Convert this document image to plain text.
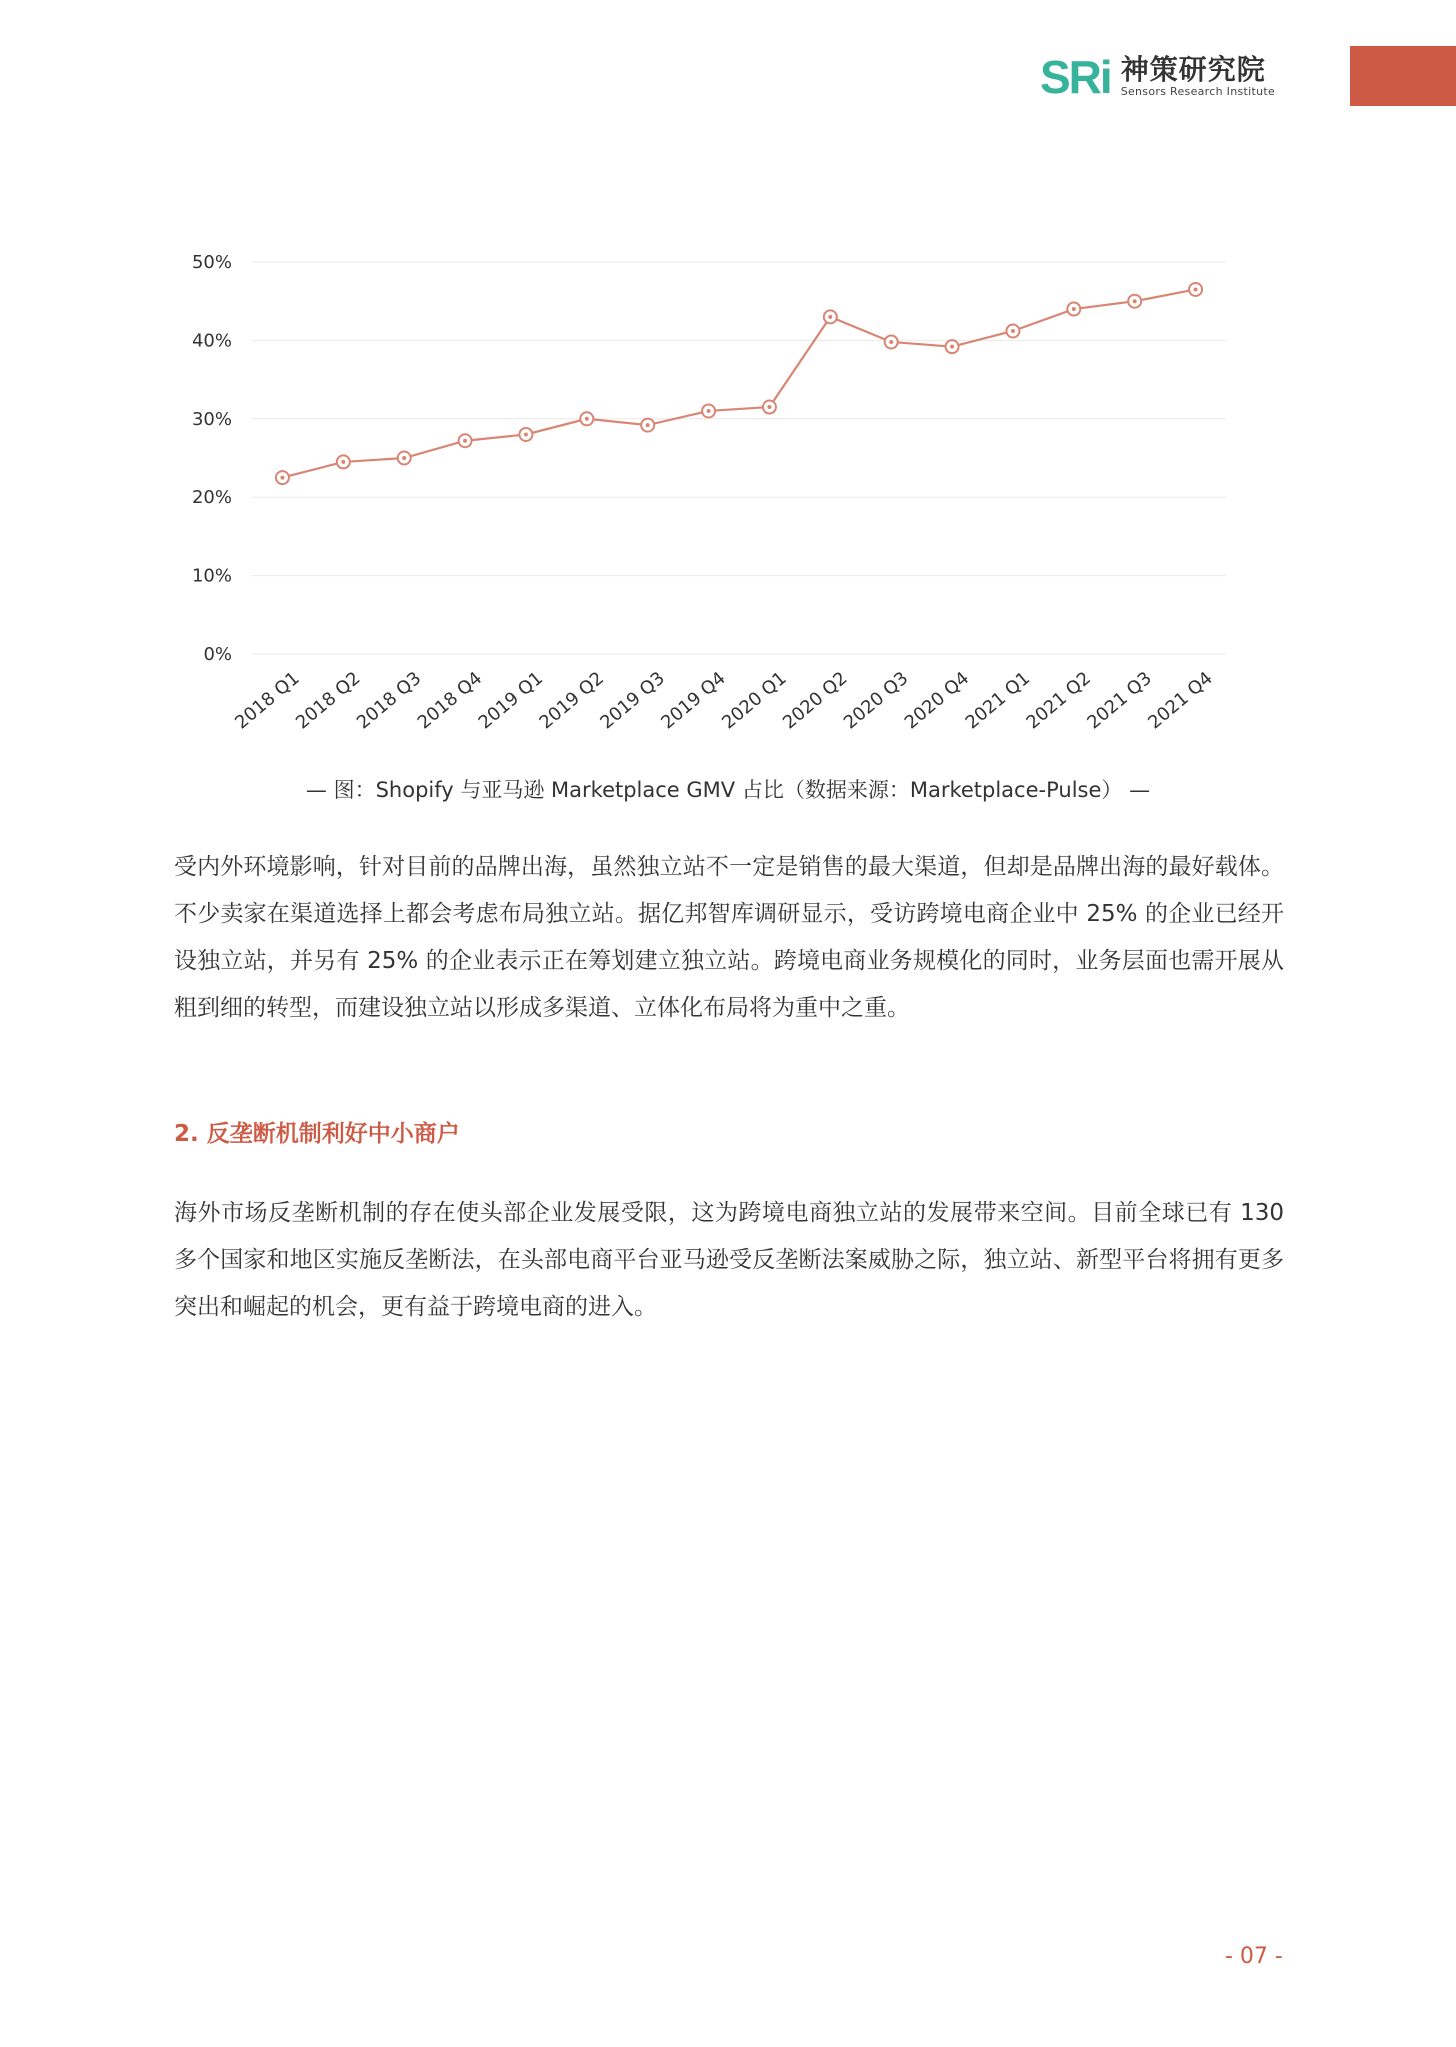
SRi 神策研究院
Sensors Research Institute
0%
10%
20%
30%
40%
50%
2018 Q1
2018 Q2
2018 Q3
2018 Q4
2019 Q1
2019 Q2
2019 Q3
2019 Q4
2020 Q1
2020 Q2
2020 Q3
2020 Q4
2021 Q1
2021 Q2
2021 Q3
2021 Q4
— 图：Shopify 与亚马逊 Marketplace GMV 占比（数据来源：Marketplace-Pulse） —

受内外环境影响，针对目前的品牌出海，虽然独立站不一定是销售的最大渠道，但却是品牌出海的最好载体。不少卖家在渠道选择上都会考虑布局独立站。据亿邦智库调研显示，受访跨境电商企业中 25% 的企业已经开设独立站，并另有 25% 的企业表示正在筹划建立独立站。跨境电商业务规模化的同时，业务层面也需开展从粗到细的转型，而建设独立站以形成多渠道、立体化布局将为重中之重。

2. 反垄断机制利好中小商户

海外市场反垄断机制的存在使头部企业发展受限，这为跨境电商独立站的发展带来空间。目前全球已有 130 多个国家和地区实施反垄断法，在头部电商平台亚马逊受反垄断法案威胁之际，独立站、新型平台将拥有更多突出和崛起的机会，更有益于跨境电商的进入。

- 07 -
